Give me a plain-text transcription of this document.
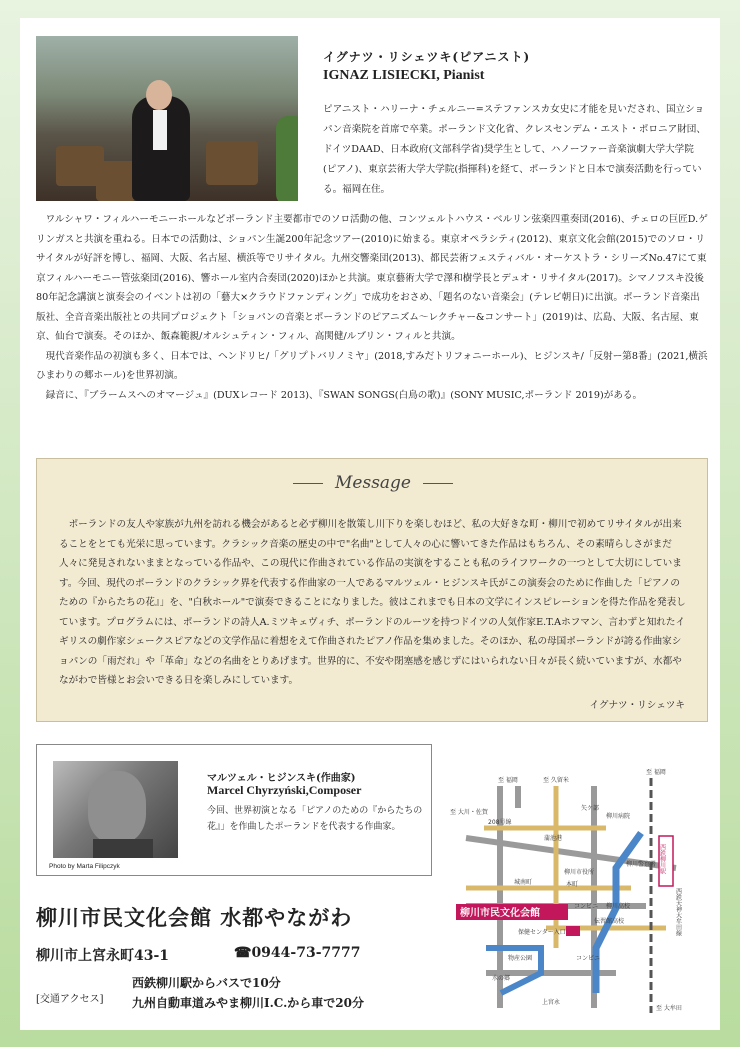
イグナツ・リシェツキ(ピアニスト)
IGNAZ LISIECKI, Pianist
ピアニスト・ハリーナ・チェルニー=ステファンスカ女史に才能を見いだされ、国立ショパン音楽院を首席で卒業。ポーランド文化省、クレスセンデム・エスト・ポロニア財団、ドイツDAAD、日本政府(文部科学省)奨学生として、ハノーファー音楽演劇大学大学院(ピアノ)、東京芸術大学大学院(指揮科)を経て、ポーランドと日本で演奏活動を行っている。福岡在住。

ワルシャワ・フィルハーモニーホールなどポーランド主要都市でのソロ活動の他、コンツェルトハウス・ベルリン弦楽四重奏団(2016)、チェロの巨匠D.ゲリンガスと共演を重ねる。日本での活動は、ショパン生誕200年記念ツアー(2010)に始まる。東京オペラシティ(2012)、東京文化会館(2015)でのソロ・リサイタルが好評を博し、福岡、大阪、名古屋、横浜等でリサイタル。九州交響楽団(2013)、都民芸術フェスティバル・オーケストラ・シリーズNo.47にて東京フィルハーモニー管弦楽団(2016)、響ホール室内合奏団(2020)ほかと共演。東京藝術大学で澤和樹学長とデュオ・リサイタル(2017)。シマノフスキ没後80年記念講演と演奏会のイベントは初の「藝大×クラウドファンディング」で成功をおさめ、「題名のない音楽会」(テレビ朝日)に出演。ポーランド音楽出版社、全音音楽出版社との共同プロジェクト「ショパンの音楽とポーランドのピアニズム〜レクチャー&コンサート」(2019)は、広島、大阪、名古屋、東京、仙台で演奏。そのほか、飯森範親/オルシュティン・フィル、高関健/ルブリン・フィルと共演。

現代音楽作品の初演も多く、日本では、ヘンドリヒ/「グリプトバリノミヤ」(2018,すみだトリフォニーホール)、ヒジンスキ/「反射ー第8番」(2021,横浜ひまわりの郷ホール)を世界初演。

録音に、『ブラームスへのオマージュ』(DUXレコード 2013)、『SWAN SONGS(白鳥の歌)』(SONY MUSIC,ポーランド 2019)がある。

Message
ポーランドの友人や家族が九州を訪れる機会があると必ず柳川を散策し川下りを楽しむほど、私の大好きな町・柳川で初めてリサイタルが出来ることをとても光栄に思っています。クラシック音楽の歴史の中で"名曲"として人々の心に響いてきた作品はもちろん、その素晴らしさがまだ人々に発見されないままとなっている作品や、この現代に作曲されている作品の実演をすることも私のライフワークの一つとして大切にしています。今回、現代のポーランドのクラシック界を代表する作曲家の一人であるマルツェル・ヒジンスキ氏がこの演奏会のために作曲した「ピアノのための『からたちの花』」を、"白秋ホール"で演奏できることになりました。彼はこれまでも日本の文学にインスピレーションを得た作品を発表しています。プログラムには、ポーランドの詩人A.ミツキェヴィチ、ポーランドのルーツを持つドイツの人気作家E.T.Aホフマン、言わずと知れたイギリスの劇作家シェークスピアなどの文学作品に着想をえて作曲されたピアノ作品を集めました。そのほか、私の母国ポーランドが誇る作曲家ショパンの「雨だれ」や「革命」などの名曲をとりあげます。世界的に、不安や閉塞感を感じずにはいられない日々が長く続いていますが、水都やながわで皆様とお会いできる日を楽しみにしています。
イグナツ・リシェツキ
Photo by Marta Filipczyk
マルツェル・ヒジンスキ(作曲家)
Marcel Chyrzyński,Composer
今回、世界初演となる「ピアノのための『からたちの花』」を作曲したポーランドを代表する作曲家。
柳川市民文化会館 水都やながわ
柳川市上宮永町43-1	☎0944-73-7777
[交通アクセス]
西鉄柳川駅からバスで10分
九州自動車道みやま柳川I.C.から車で20分
至 福岡	至 久留米
至 福岡
至 大川・佐賀
208号線
矢ケ部
蒲池港
柳川市役所
柳川病院
本町
城南町
柳川警察署
柳川高校
伝習館高校
コンビニ
保健センター入口
物産公園
水の郷
上宮永
コンビニ
至 大牟田
柳川市民文化会館
西鉄柳川駅
西鉄天神大牟田線
